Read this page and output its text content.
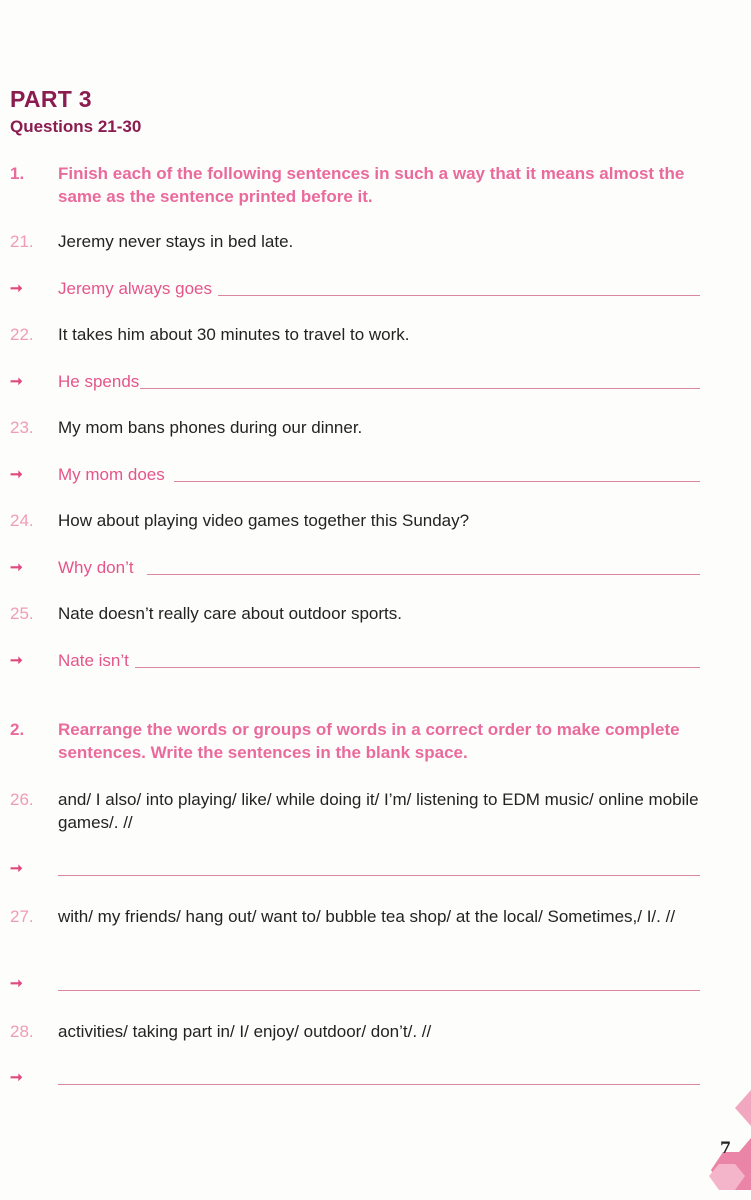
PART 3
Questions 21-30
1.	Finish each of the following sentences in such a way that it means almost the same as the sentence printed before it.
21.	Jeremy never stays in bed late.
➞	Jeremy always goes
22.	It takes him about 30 minutes to travel to work.
➞	He spends
23.	My mom bans phones during our dinner.
➞	My mom does
24.	How about playing video games together this Sunday?
➞	Why don’t
25.	Nate doesn’t really care about outdoor sports.
➞	Nate isn’t
2.	Rearrange the words or groups of words in a correct order to make complete sentences. Write the sentences in the blank space.
26.	and/ I also/ into playing/ like/ while doing it/ I’m/ listening to EDM music/ online mobile games/. //
➞
27.	with/ my friends/ hang out/ want to/ bubble tea shop/ at the local/ Sometimes,/ I/. //
➞
28.	activities/ taking part in/ I/ enjoy/ outdoor/ don’t/. //
➞
7
